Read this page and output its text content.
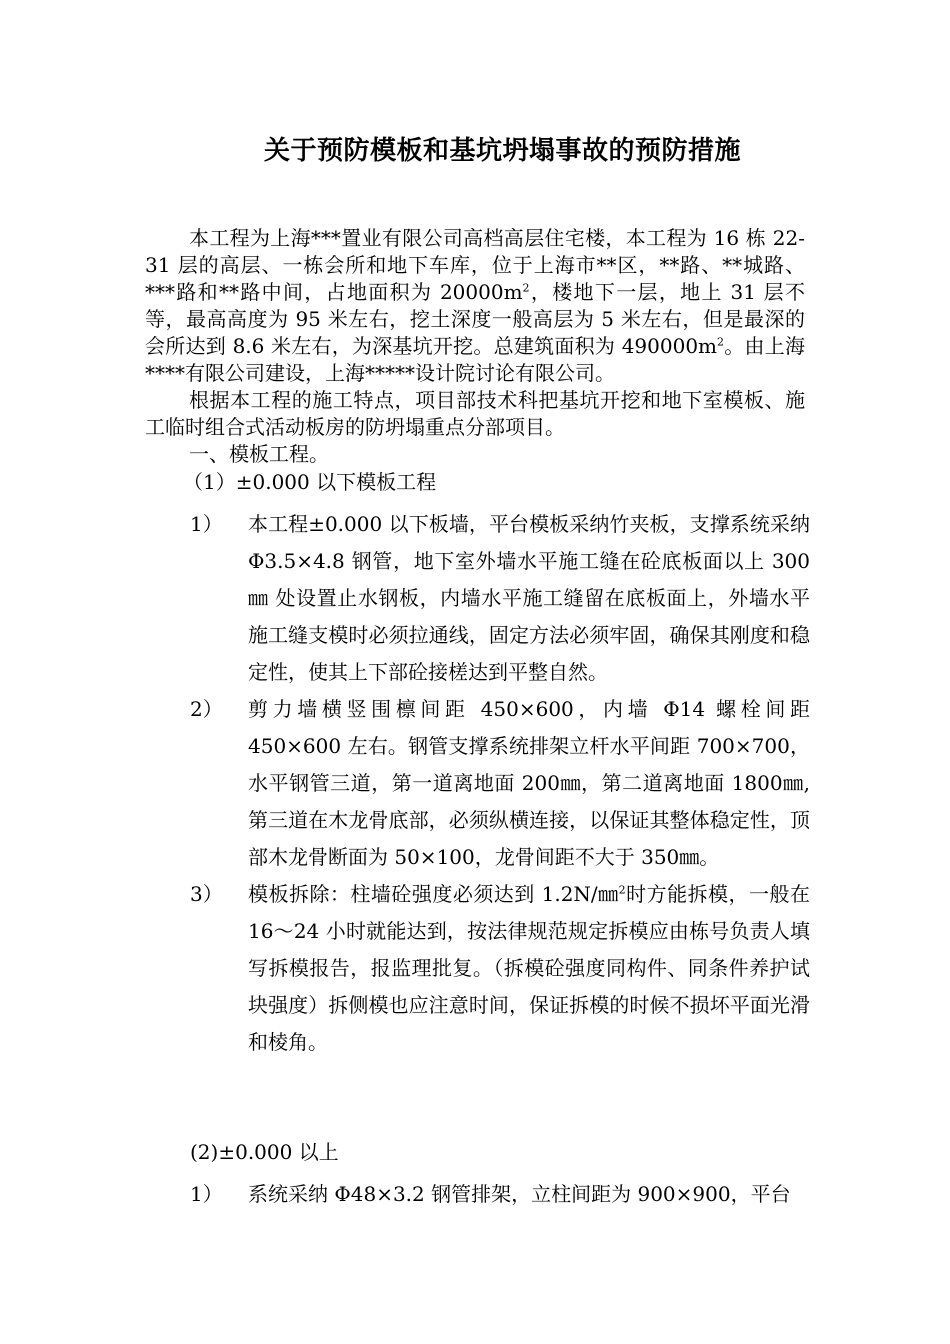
关于预防模板和基坑坍塌事故的预防措施

本工程为上海***置业有限公司高档高层住宅楼，本工程为 16 栋 22-31 层的高层、一栋会所和地下车库，位于上海市**区，**路、**城路、***路和**路中间，占地面积为 $20000m^2$，楼地下一层，地上 31 层不等，最高高度为 95 米左右，挖土深度一般高层为 5 米左右，但是最深的会所达到 8.6 米左右，为深基坑开挖。总建筑面积为 $490000m^2$。由上海****有限公司建设，上海*****设计院讨论有限公司。

根据本工程的施工特点，项目部技术科把基坑开挖和地下室模板、施工临时组合式活动板房的防坍塌重点分部项目。

一、模板工程。

（1）±0.000 以下模板工程

1）	本工程±0.000 以下板墙，平台模板采纳竹夹板，支撑系统采纳 Φ3.5×4.8 钢管，地下室外墙水平施工缝在砼底板面以上 300㎜ 处设置止水钢板，内墙水平施工缝留在底板面上，外墙水平施工缝支模时必须拉通线，固定方法必须牢固，确保其刚度和稳定性，使其上下部砼接槎达到平整自然。

2）	剪力墙横竖围檩间距 450×600，内墙 Φ14 螺栓间距 450×600 左右。钢管支撑系统排架立杆水平间距 700×700，水平钢管三道，第一道离地面 200㎜，第二道离地面 1800㎜,第三道在木龙骨底部，必须纵横连接，以保证其整体稳定性，顶部木龙骨断面为 50×100，龙骨间距不大于 350㎜。

3）	模板拆除：柱墙砼强度必须达到 1.2N/㎜$^2$时方能拆模，一般在 16～24 小时就能达到，按法律规范规定拆模应由栋号负责人填写拆模报告，报监理批复。（拆模砼强度同构件、同条件养护试块强度）拆侧模也应注意时间，保证拆模的时候不损坏平面光滑和棱角。

(2)±0.000 以上

1）	系统采纳 Φ48×3.2 钢管排架，立柱间距为 900×900，平台
